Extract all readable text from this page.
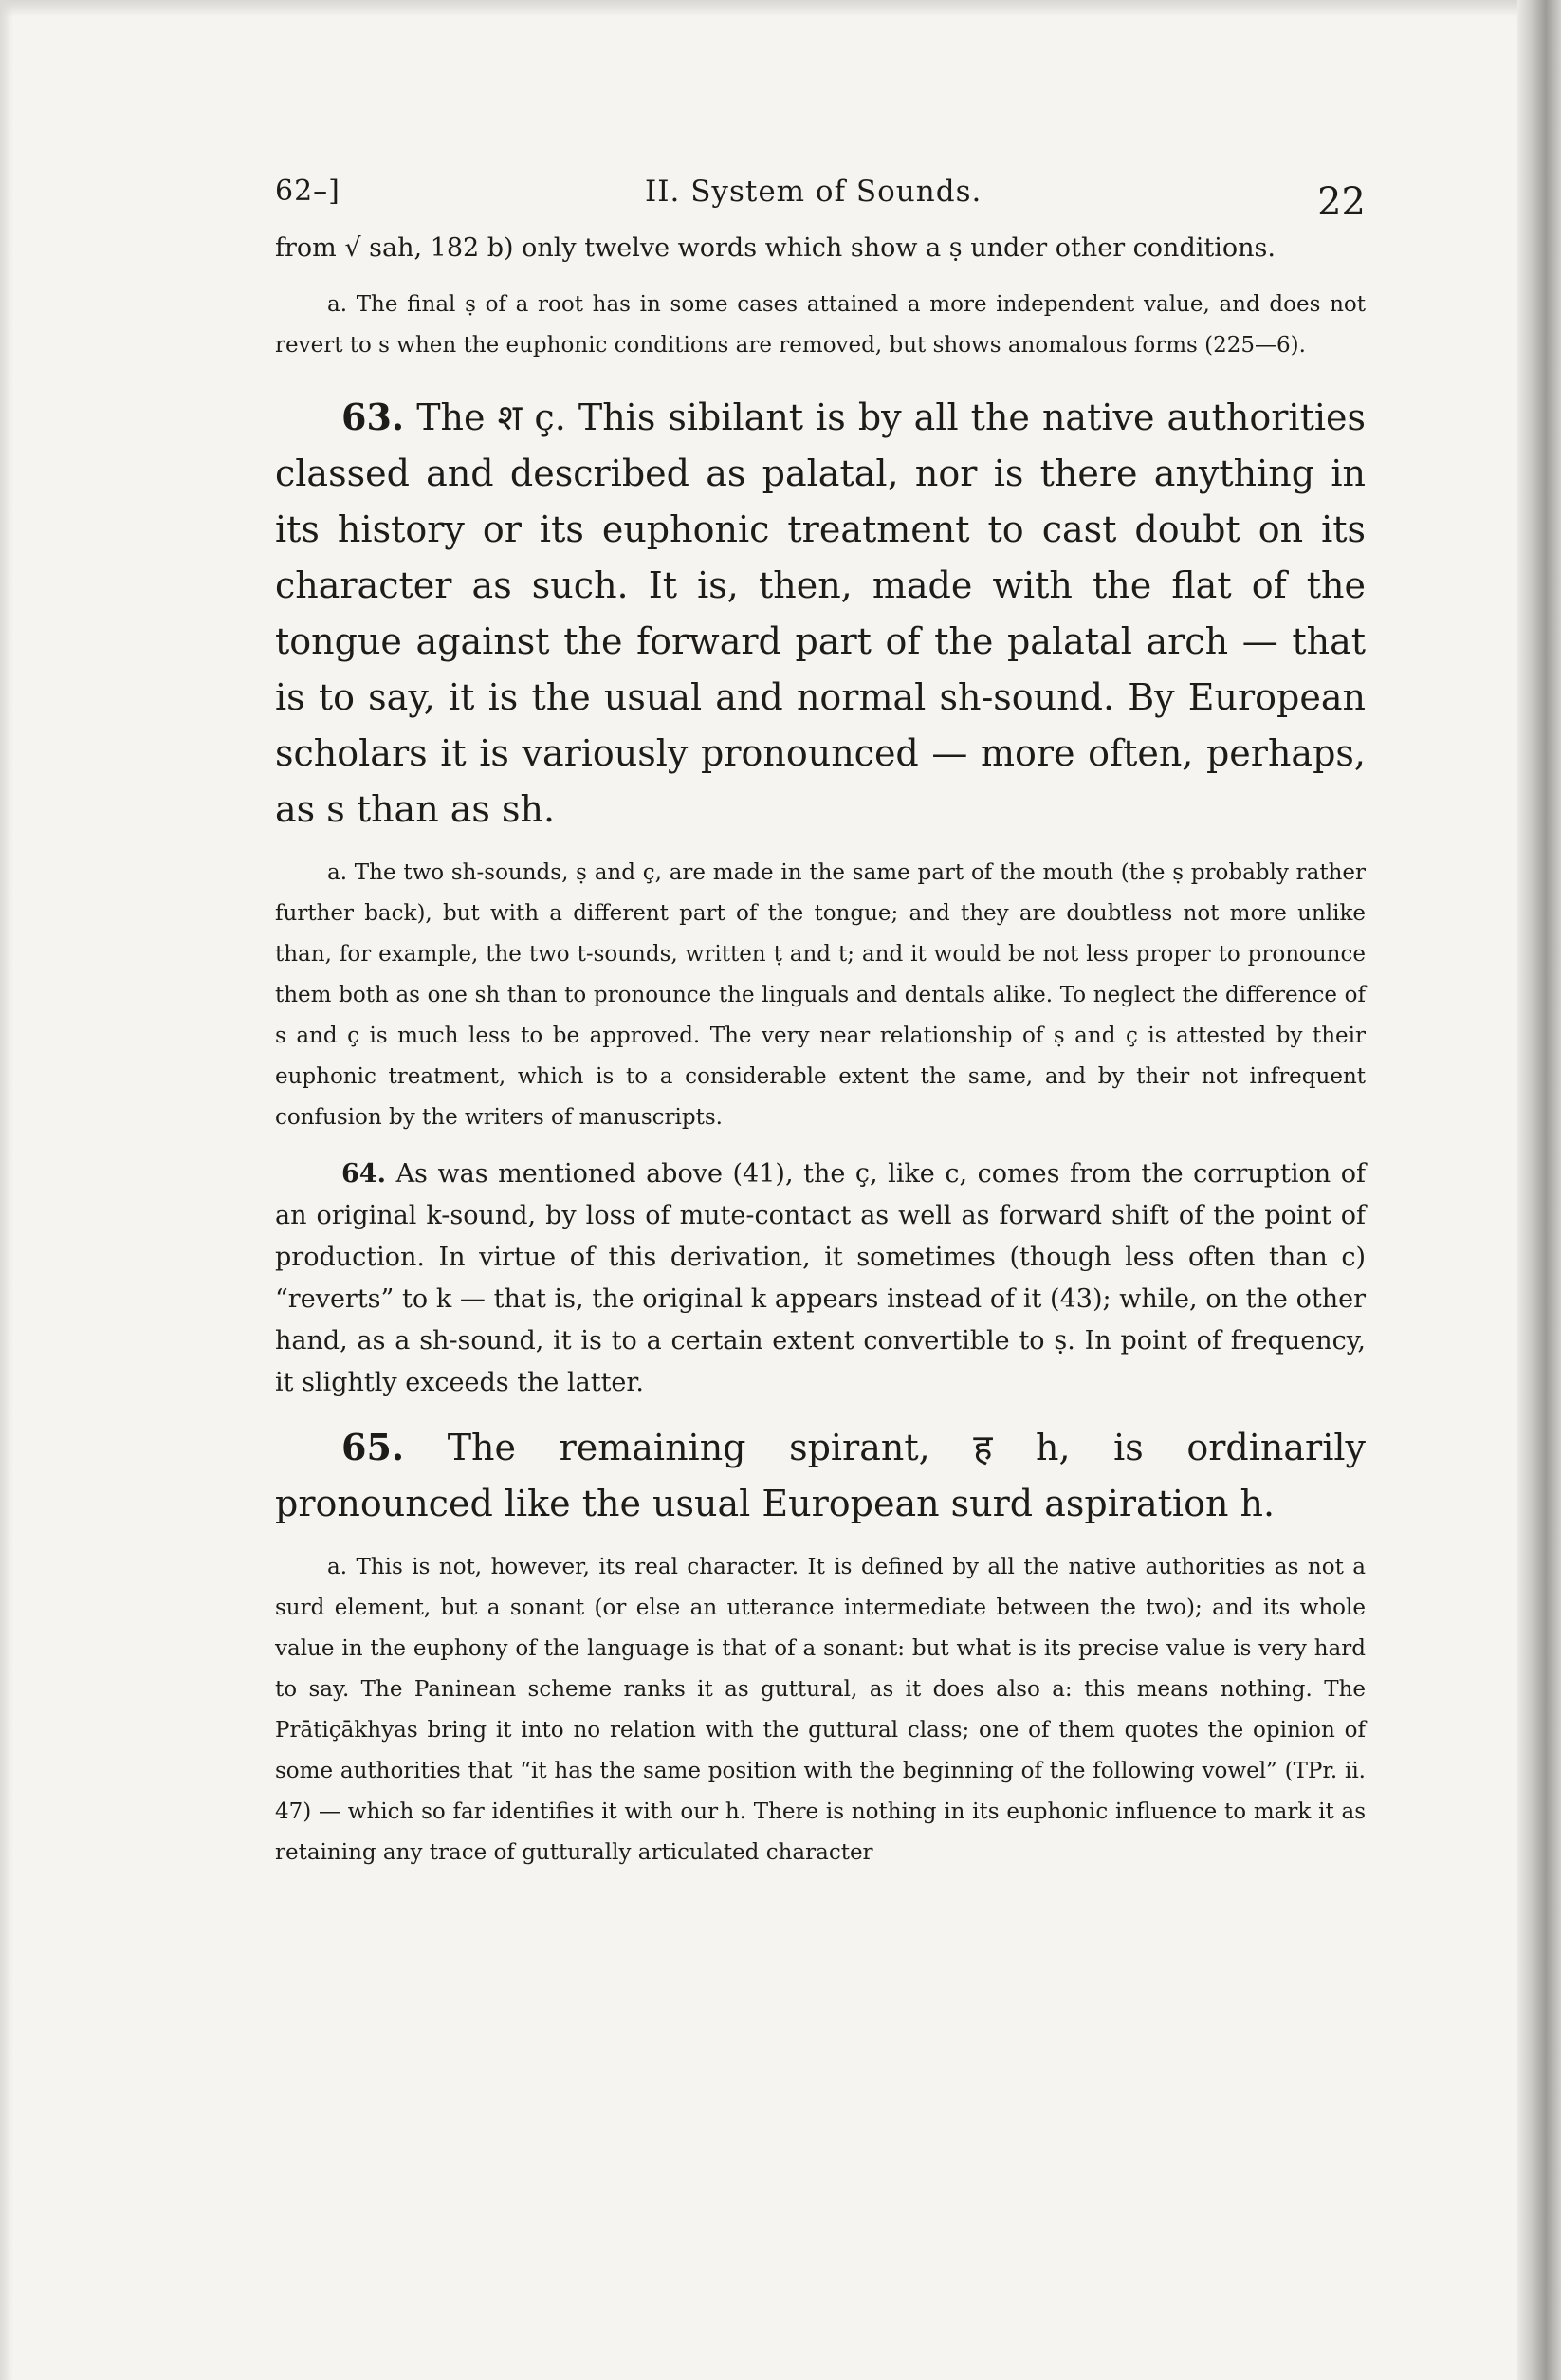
62–]	II. System of Sounds.	22

from √ sah, 182 b) only twelve words which show a ṣ under other conditions.

a. The final ṣ of a root has in some cases attained a more independent value, and does not revert to s when the euphonic conditions are removed, but shows anomalous forms (225—6).

63. The श ç. This sibilant is by all the native authorities classed and described as palatal, nor is there anything in its history or its euphonic treatment to cast doubt on its character as such. It is, then, made with the flat of the tongue against the forward part of the palatal arch — that is to say, it is the usual and normal sh-sound. By European scholars it is variously pronounced — more often, perhaps, as s than as sh.

a. The two sh-sounds, ṣ and ç, are made in the same part of the mouth (the ṣ probably rather further back), but with a different part of the tongue; and they are doubtless not more unlike than, for example, the two t-sounds, written ṭ and t; and it would be not less proper to pronounce them both as one sh than to pronounce the linguals and dentals alike. To neglect the difference of s and ç is much less to be approved. The very near relationship of ṣ and ç is attested by their euphonic treatment, which is to a considerable extent the same, and by their not infrequent confusion by the writers of manuscripts.

64. As was mentioned above (41), the ç, like c, comes from the corruption of an original k-sound, by loss of mute-contact as well as forward shift of the point of production. In virtue of this derivation, it sometimes (though less often than c) “reverts” to k — that is, the original k appears instead of it (43); while, on the other hand, as a sh-sound, it is to a certain extent convertible to ṣ. In point of frequency, it slightly exceeds the latter.

65. The remaining spirant, ह h, is ordinarily pronounced like the usual European surd aspiration h.

a. This is not, however, its real character. It is defined by all the native authorities as not a surd element, but a sonant (or else an utterance intermediate between the two); and its whole value in the euphony of the language is that of a sonant: but what is its precise value is very hard to say. The Paninean scheme ranks it as guttural, as it does also a: this means nothing. The Prātiçākhyas bring it into no relation with the guttural class; one of them quotes the opinion of some authorities that “it has the same position with the beginning of the following vowel” (TPr. ii. 47) — which so far identifies it with our h. There is nothing in its euphonic influence to mark it as retaining any trace of gutturally articulated character
